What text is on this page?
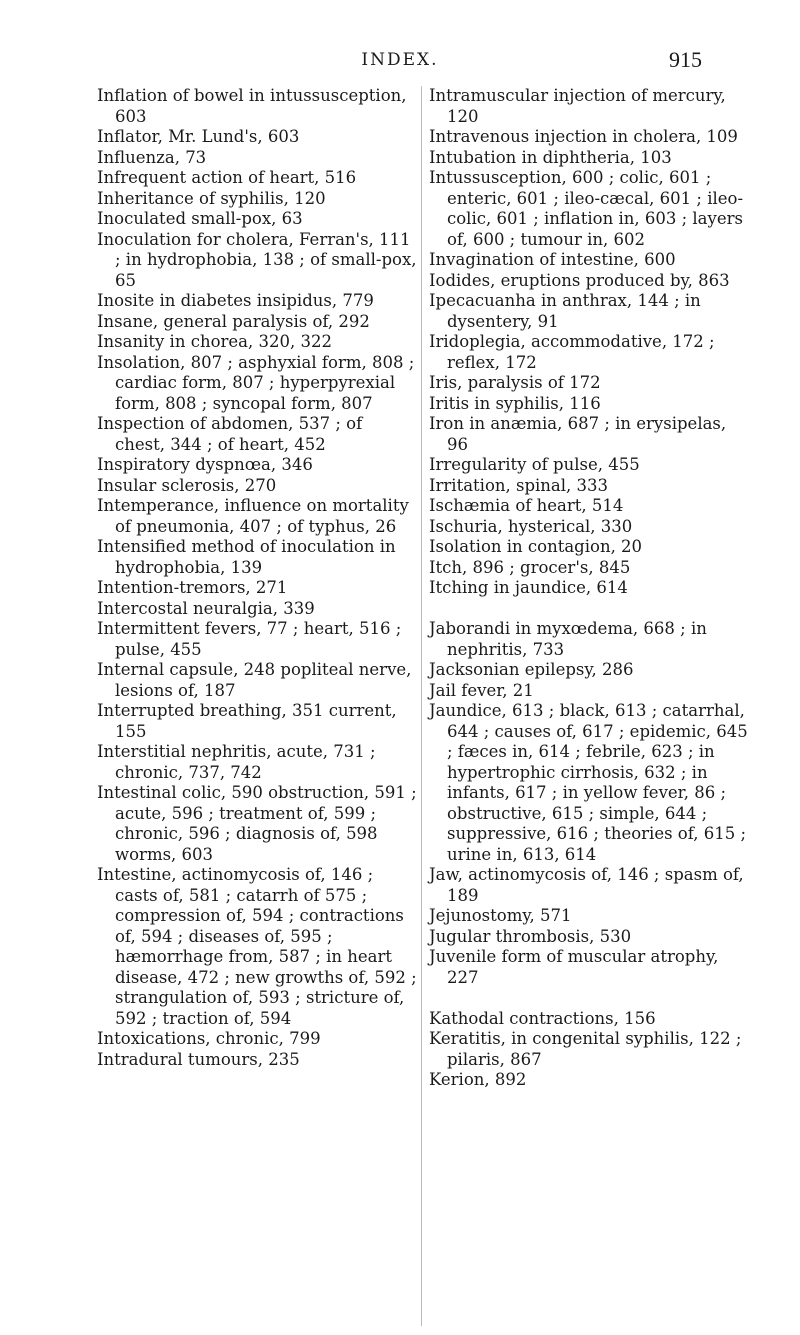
INDEX.	915
Inflation of bowel in intussusception, 603
Inflator, Mr. Lund's, 603
Influenza, 73
Infrequent action of heart, 516
Inheritance of syphilis, 120
Inoculated small-pox, 63
Inoculation for cholera, Ferran's, 111 ; in hydrophobia, 138 ; of small-pox, 65
Inosite in diabetes insipidus, 779
Insane, general paralysis of, 292
Insanity in chorea, 320, 322
Insolation, 807 ; asphyxial form, 808 ; cardiac form, 807 ; hyperpyrexial form, 808 ; syncopal form, 807
Inspection of abdomen, 537 ; of chest, 344 ; of heart, 452
Inspiratory dyspnœa, 346
Insular sclerosis, 270
Intemperance, influence on mortality of pneumonia, 407 ; of typhus, 26
Intensified method of inoculation in hydrophobia, 139
Intention-tremors, 271
Intercostal neuralgia, 339
Intermittent fevers, 77 ; heart, 516 ; pulse, 455
Internal capsule, 248 popliteal nerve, lesions of, 187
Interrupted breathing, 351 current, 155
Interstitial nephritis, acute, 731 ; chronic, 737, 742
Intestinal colic, 590 obstruction, 591 ; acute, 596 ; treatment of, 599 ; chronic, 596 ; diagnosis of, 598 worms, 603
Intestine, actinomycosis of, 146 ; casts of, 581 ; catarrh of 575 ; compression of, 594 ; contractions of, 594 ; diseases of, 595 ; hæmorrhage from, 587 ; in heart disease, 472 ; new growths of, 592 ; strangulation of, 593 ; stricture of, 592 ; traction of, 594
Intoxications, chronic, 799
Intradural tumours, 235
Intramuscular injection of mercury, 120
Intravenous injection in cholera, 109
Intubation in diphtheria, 103
Intussusception, 600 ; colic, 601 ; enteric, 601 ; ileo-cæcal, 601 ; ileo-colic, 601 ; inflation in, 603 ; layers of, 600 ; tumour in, 602
Invagination of intestine, 600
Iodides, eruptions produced by, 863
Ipecacuanha in anthrax, 144 ; in dysentery, 91
Iridoplegia, accommodative, 172 ; reflex, 172
Iris, paralysis of 172
Iritis in syphilis, 116
Iron in anæmia, 687 ; in erysipelas, 96
Irregularity of pulse, 455
Irritation, spinal, 333
Ischæmia of heart, 514
Ischuria, hysterical, 330
Isolation in contagion, 20
Itch, 896 ; grocer's, 845
Itching in jaundice, 614
Jaborandi in myxœdema, 668 ; in nephritis, 733
Jacksonian epilepsy, 286
Jail fever, 21
Jaundice, 613 ; black, 613 ; catarrhal, 644 ; causes of, 617 ; epidemic, 645 ; fæces in, 614 ; febrile, 623 ; in hypertrophic cirrhosis, 632 ; in infants, 617 ; in yellow fever, 86 ; obstructive, 615 ; simple, 644 ; suppressive, 616 ; theories of, 615 ; urine in, 613, 614
Jaw, actinomycosis of, 146 ; spasm of, 189
Jejunostomy, 571
Jugular thrombosis, 530
Juvenile form of muscular atrophy, 227
Kathodal contractions, 156
Keratitis, in congenital syphilis, 122 ; pilaris, 867
Kerion, 892
